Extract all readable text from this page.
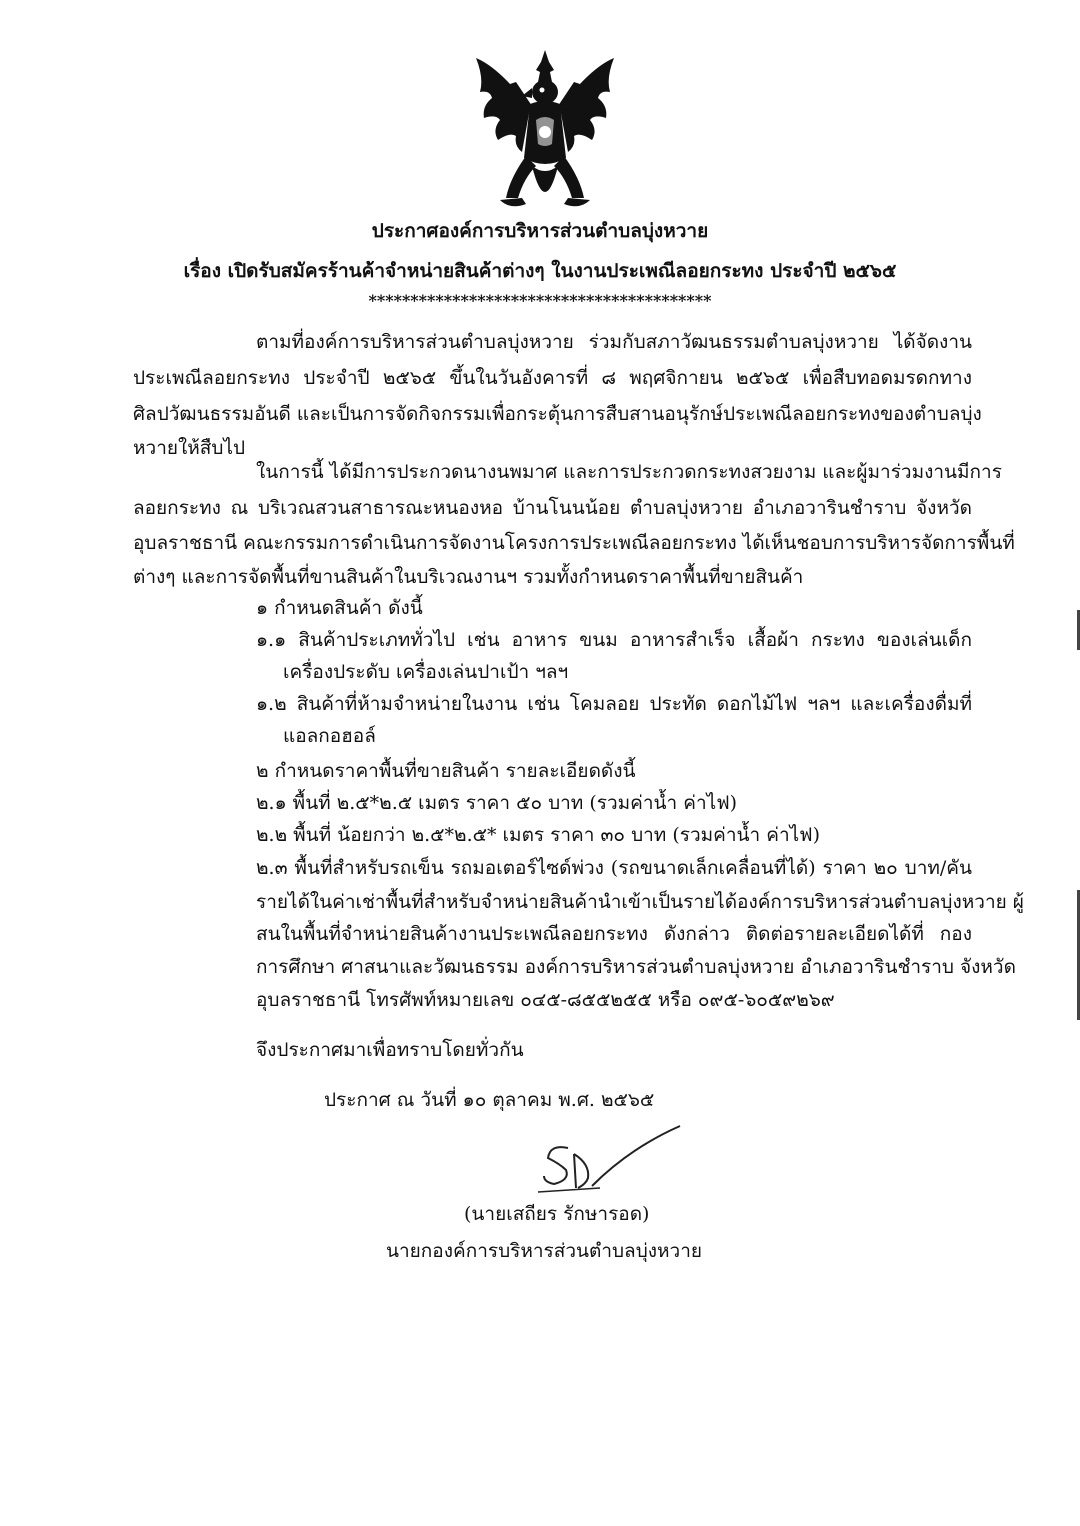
ประกาศองค์การบริหารส่วนตำบลบุ่งหวาย
เรื่อง เปิดรับสมัครร้านค้าจำหน่ายสินค้าต่างๆ ในงานประเพณีลอยกระทง ประจำปี ๒๕๖๕
*****************************************
ตามที่องค์การบริหารส่วนตำบลบุ่งหวาย ร่วมกับสภาวัฒนธรรมตำบลบุ่งหวาย ได้จัดงาน
ประเพณีลอยกระทง ประจำปี ๒๕๖๕ ขึ้นในวันอังคารที่ ๘ พฤศจิกายน ๒๕๖๕ เพื่อสืบทอดมรดกทาง
ศิลปวัฒนธรรมอันดี และเป็นการจัดกิจกรรมเพื่อกระตุ้นการสืบสานอนุรักษ์ประเพณีลอยกระทงของตำบลบุ่ง
หวายให้สืบไป
ในการนี้ ได้มีการประกวดนางนพมาศ และการประกวดกระทงสวยงาม และผู้มาร่วมงานมีการ
ลอยกระทง ณ บริเวณสวนสาธารณะหนองหอ บ้านโนนน้อย ตำบลบุ่งหวาย อำเภอวารินชำราบ จังหวัด
อุบลราชธานี คณะกรรมการดำเนินการจัดงานโครงการประเพณีลอยกระทง ได้เห็นชอบการบริหารจัดการพื้นที่
ต่างๆ และการจัดพื้นที่ขานสินค้าในบริเวณงานฯ รวมทั้งกำหนดราคาพื้นที่ขายสินค้า
๑ กำหนดสินค้า ดังนี้
๑.๑ สินค้าประเภททั่วไป เช่น อาหาร ขนม อาหารสำเร็จ เสื้อผ้า กระทง ของเล่นเด็ก
เครื่องประดับ เครื่องเล่นปาเป้า ฯลฯ
๑.๒ สินค้าที่ห้ามจำหน่ายในงาน เช่น โคมลอย ประทัด ดอกไม้ไฟ ฯลฯ และเครื่องดื่มที่
แอลกอฮอล์
๒ กำหนดราคาพื้นที่ขายสินค้า รายละเอียดดังนี้
๒.๑ พื้นที่ ๒.๕*๒.๕ เมตร ราคา ๕๐ บาท (รวมค่าน้ำ ค่าไฟ)
๒.๒ พื้นที่ น้อยกว่า ๒.๕*๒.๕* เมตร ราคา ๓๐ บาท (รวมค่าน้ำ ค่าไฟ)
๒.๓ พื้นที่สำหรับรถเข็น รถมอเตอร์ไซด์พ่วง (รถขนาดเล็กเคลื่อนที่ได้) ราคา ๒๐ บาท/คัน
รายได้ในค่าเช่าพื้นที่สำหรับจำหน่ายสินค้านำเข้าเป็นรายได้องค์การบริหารส่วนตำบลบุ่งหวาย ผู้
สนในพื้นที่จำหน่ายสินค้างานประเพณีลอยกระทง ดังกล่าว ติดต่อรายละเอียดได้ที่ กอง
การศึกษา ศาสนาและวัฒนธรรม องค์การบริหารส่วนตำบลบุ่งหวาย อำเภอวารินชำราบ จังหวัด
อุบลราชธานี โทรศัพท์หมายเลข ๐๔๕-๘๕๕๒๕๕ หรือ ๐๙๕-๖๐๕๙๒๖๙
จึงประกาศมาเพื่อทราบโดยทั่วกัน
ประกาศ ณ วันที่ ๑๐ ตุลาคม พ.ศ. ๒๕๖๕
(นายเสถียร รักษารอด)
นายกองค์การบริหารส่วนตำบลบุ่งหวาย
